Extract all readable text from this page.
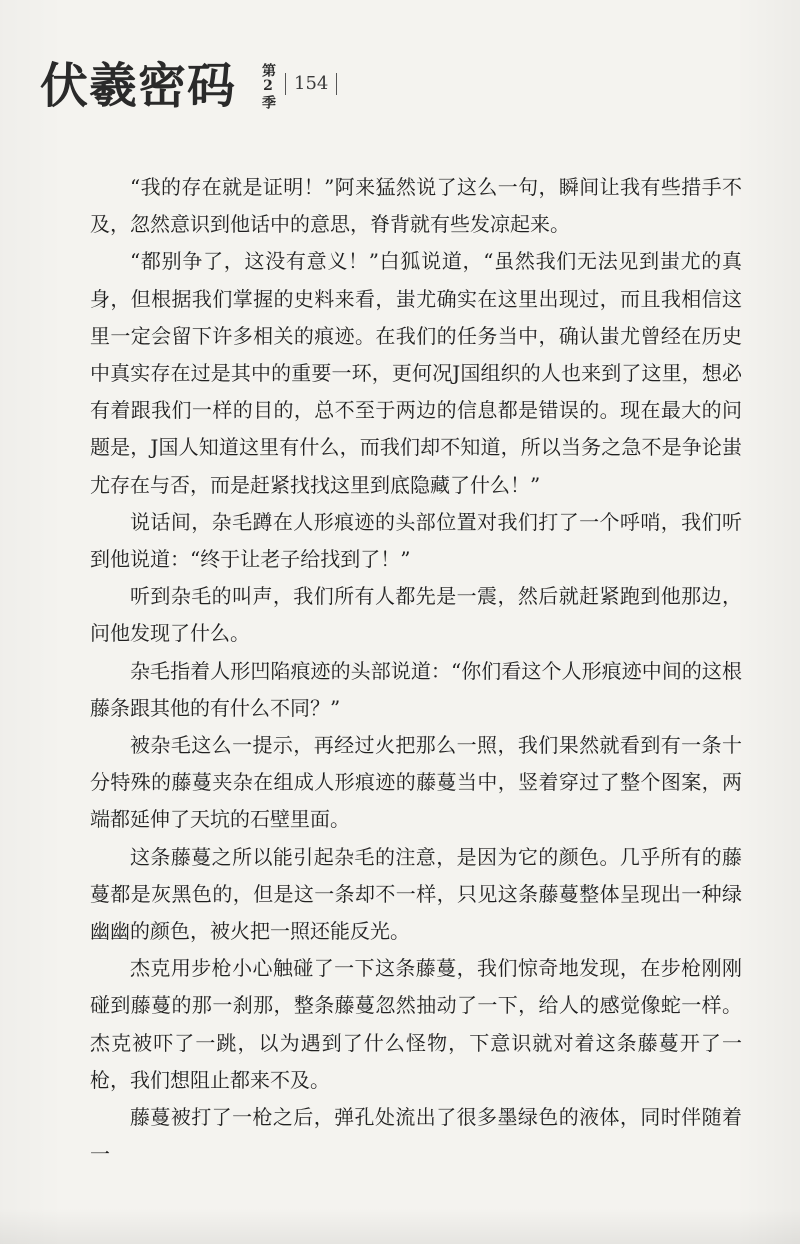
伏羲密码	第2季 154

“我的存在就是证明！”阿来猛然说了这么一句，瞬间让我有些措手不及，忽然意识到他话中的意思，脊背就有些发凉起来。

“都别争了，这没有意义！”白狐说道，“虽然我们无法见到蚩尤的真身，但根据我们掌握的史料来看，蚩尤确实在这里出现过，而且我相信这里一定会留下许多相关的痕迹。在我们的任务当中，确认蚩尤曾经在历史中真实存在过是其中的重要一环，更何况J国组织的人也来到了这里，想必有着跟我们一样的目的，总不至于两边的信息都是错误的。现在最大的问题是，J国人知道这里有什么，而我们却不知道，所以当务之急不是争论蚩尤存在与否，而是赶紧找找这里到底隐藏了什么！”

说话间，杂毛蹲在人形痕迹的头部位置对我们打了一个呼哨，我们听到他说道：“终于让老子给找到了！”

听到杂毛的叫声，我们所有人都先是一震，然后就赶紧跑到他那边，问他发现了什么。

杂毛指着人形凹陷痕迹的头部说道：“你们看这个人形痕迹中间的这根藤条跟其他的有什么不同？”

被杂毛这么一提示，再经过火把那么一照，我们果然就看到有一条十分特殊的藤蔓夹杂在组成人形痕迹的藤蔓当中，竖着穿过了整个图案，两端都延伸了天坑的石壁里面。

这条藤蔓之所以能引起杂毛的注意，是因为它的颜色。几乎所有的藤蔓都是灰黑色的，但是这一条却不一样，只见这条藤蔓整体呈现出一种绿幽幽的颜色，被火把一照还能反光。

杰克用步枪小心触碰了一下这条藤蔓，我们惊奇地发现，在步枪刚刚碰到藤蔓的那一刹那，整条藤蔓忽然抽动了一下，给人的感觉像蛇一样。杰克被吓了一跳，以为遇到了什么怪物，下意识就对着这条藤蔓开了一枪，我们想阻止都来不及。

藤蔓被打了一枪之后，弹孔处流出了很多墨绿色的液体，同时伴随着一
